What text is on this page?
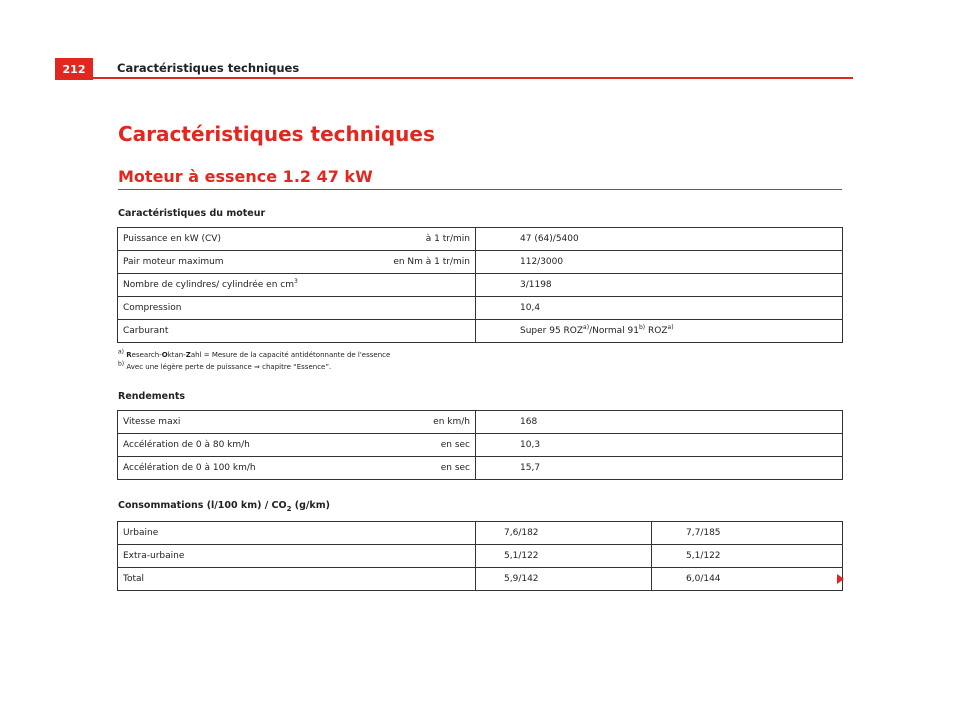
212	Caractéristiques techniques
Caractéristiques techniques
Moteur à essence 1.2 47 kW
Caractéristiques du moteur
Puissance en kW (CV)	à 1 tr/min	47 (64)/5400
Pair moteur maximum	en Nm à 1 tr/min	112/3000
Nombre de cylindres/ cylindrée en $cm^3$		3/1198
Compression		10,4
Carburant		Super 95 ROZ$^{a)}$/Normal 91$^{b)}$ ROZ$^{a)}$
$^{a)}$ Research-Oktan-Zahl = Mesure de la capacité antidétonnante de l'essence
$^{b)}$ Avec une légère perte de puissance ⇒ chapitre “Essence”.
Rendements
Vitesse maxi	en km/h	168
Accélération de 0 à 80 km/h	en sec	10,3
Accélération de 0 à 100 km/h	en sec	15,7
Consommations (l/100 $km) / CO_2$ (g/km)
Urbaine	7,6/182	7,7/185
Extra-urbaine	5,1/122	5,1/122
Total	5,9/142	6,0/144
